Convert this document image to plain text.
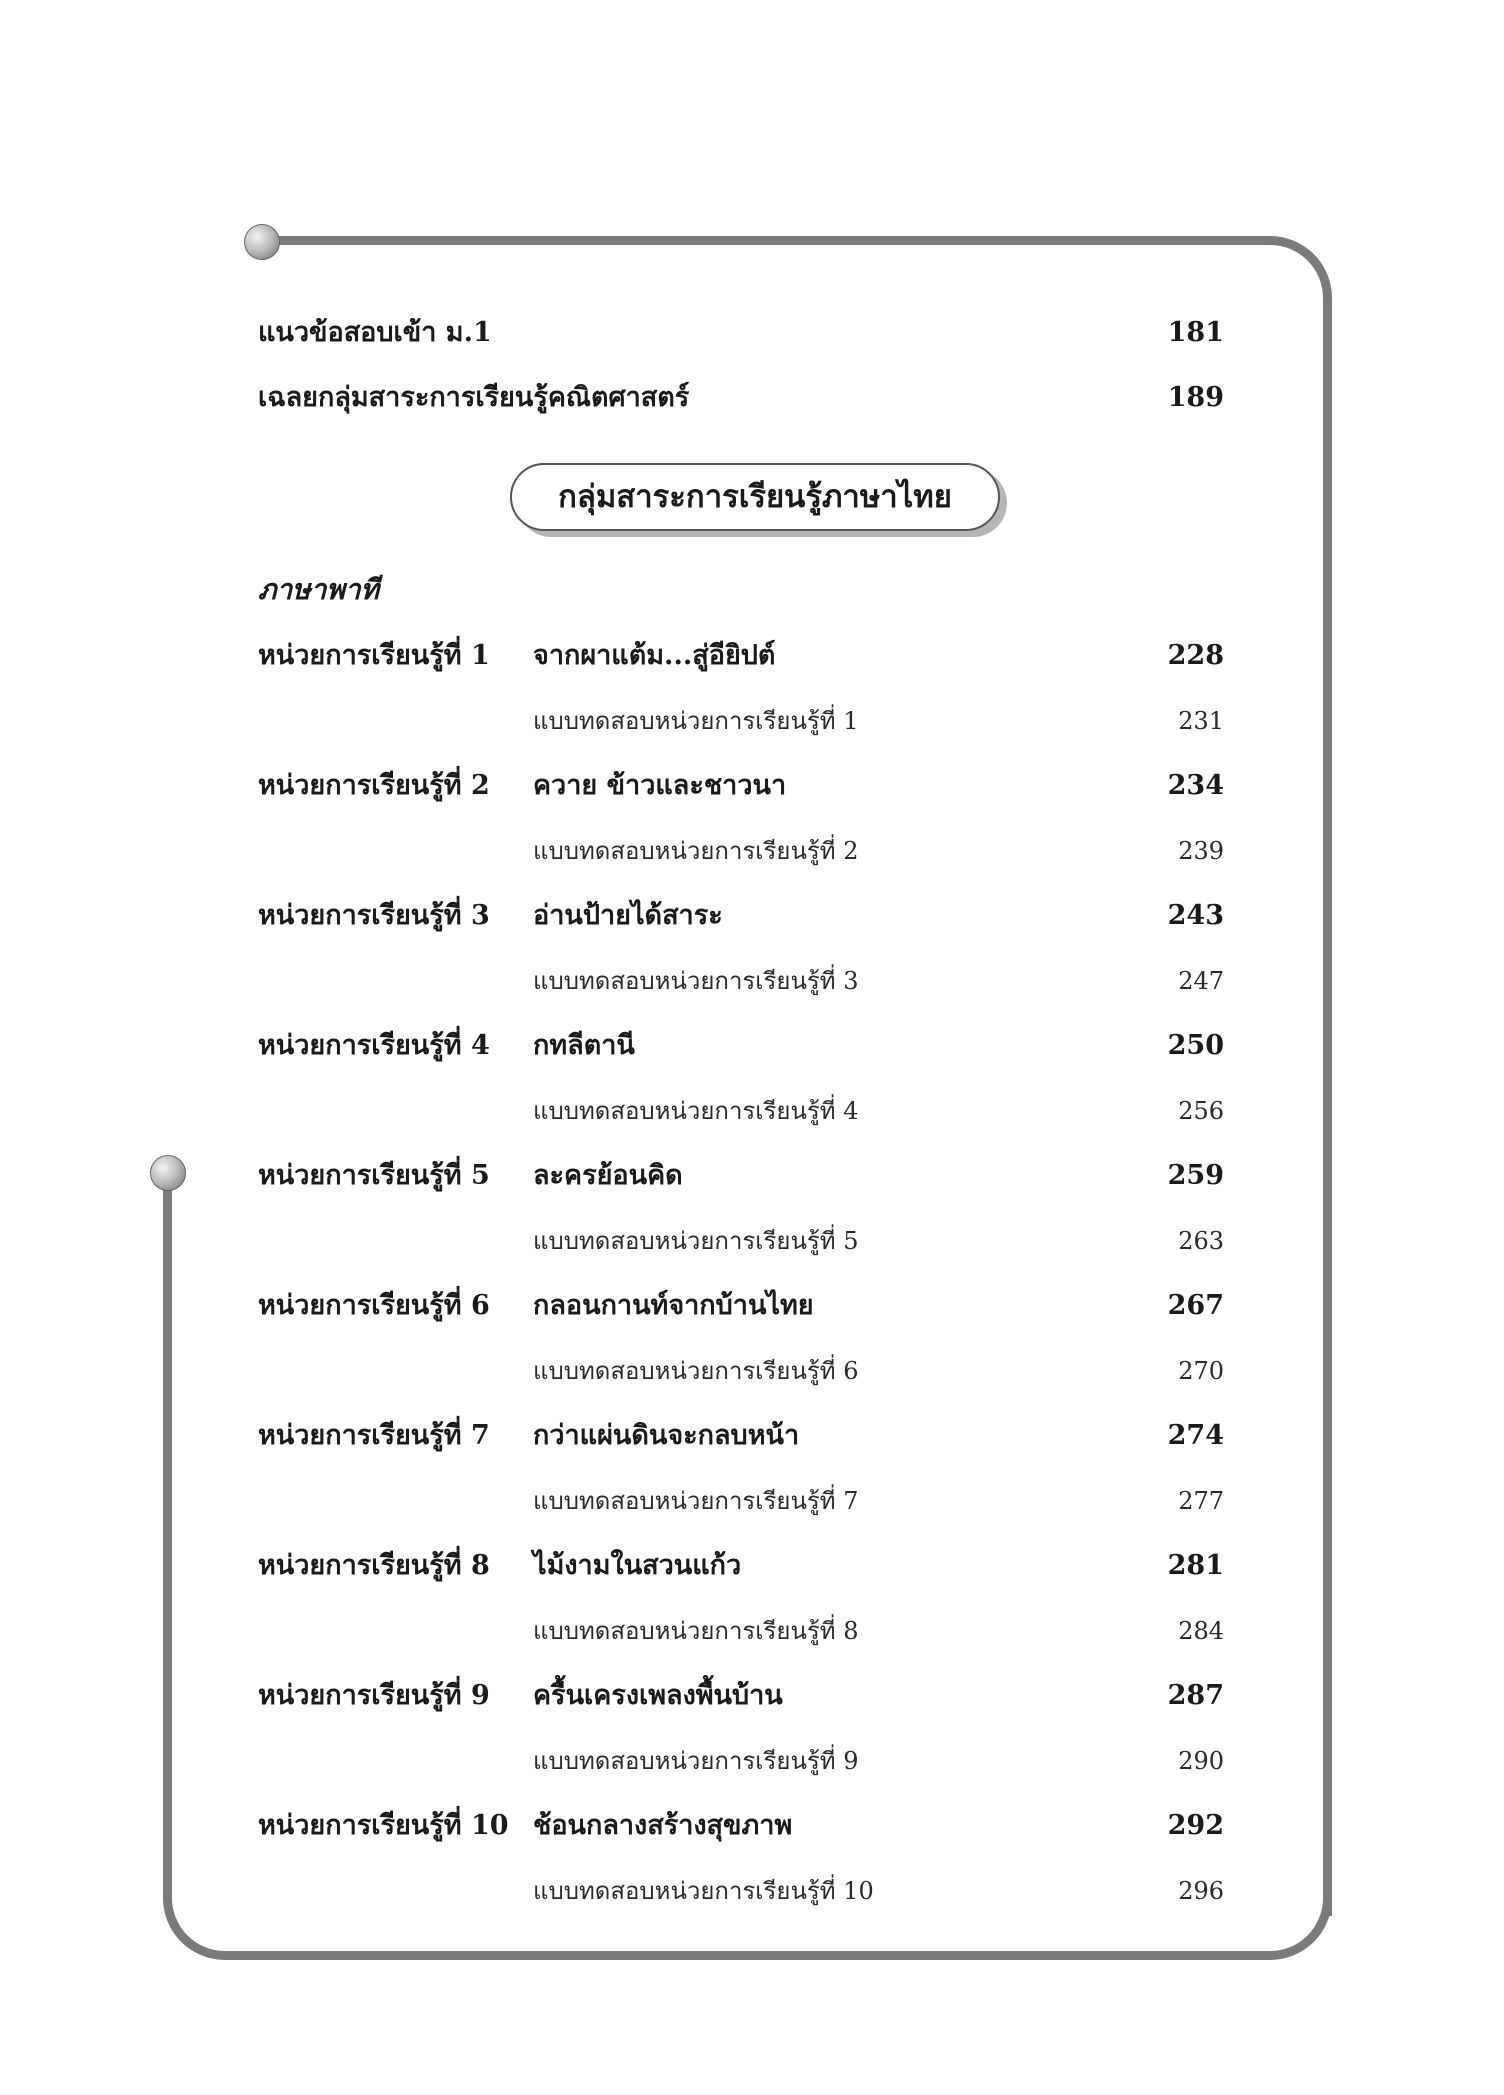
แนวข้อสอบเข้า ม.1	181
เฉลยกลุ่มสาระการเรียนรู้คณิตศาสตร์	189
กลุ่มสาระการเรียนรู้ภาษาไทย
ภาษาพาที
หน่วยการเรียนรู้ที่ 1 จากผาแต้ม...สู่อียิปต์	228
แบบทดสอบหน่วยการเรียนรู้ที่ 1	231
หน่วยการเรียนรู้ที่ 2 ควาย ข้าวและชาวนา	234
แบบทดสอบหน่วยการเรียนรู้ที่ 2	239
หน่วยการเรียนรู้ที่ 3 อ่านป้ายได้สาระ	243
แบบทดสอบหน่วยการเรียนรู้ที่ 3	247
หน่วยการเรียนรู้ที่ 4 กทลีตานี	250
แบบทดสอบหน่วยการเรียนรู้ที่ 4	256
หน่วยการเรียนรู้ที่ 5 ละครย้อนคิด	259
แบบทดสอบหน่วยการเรียนรู้ที่ 5	263
หน่วยการเรียนรู้ที่ 6 กลอนกานท์จากบ้านไทย	267
แบบทดสอบหน่วยการเรียนรู้ที่ 6	270
หน่วยการเรียนรู้ที่ 7 กว่าแผ่นดินจะกลบหน้า	274
แบบทดสอบหน่วยการเรียนรู้ที่ 7	277
หน่วยการเรียนรู้ที่ 8 ไม้งามในสวนแก้ว	281
แบบทดสอบหน่วยการเรียนรู้ที่ 8	284
หน่วยการเรียนรู้ที่ 9 ครื้นเครงเพลงพื้นบ้าน	287
แบบทดสอบหน่วยการเรียนรู้ที่ 9	290
หน่วยการเรียนรู้ที่ 10 ช้อนกลางสร้างสุขภาพ	292
แบบทดสอบหน่วยการเรียนรู้ที่ 10	296
